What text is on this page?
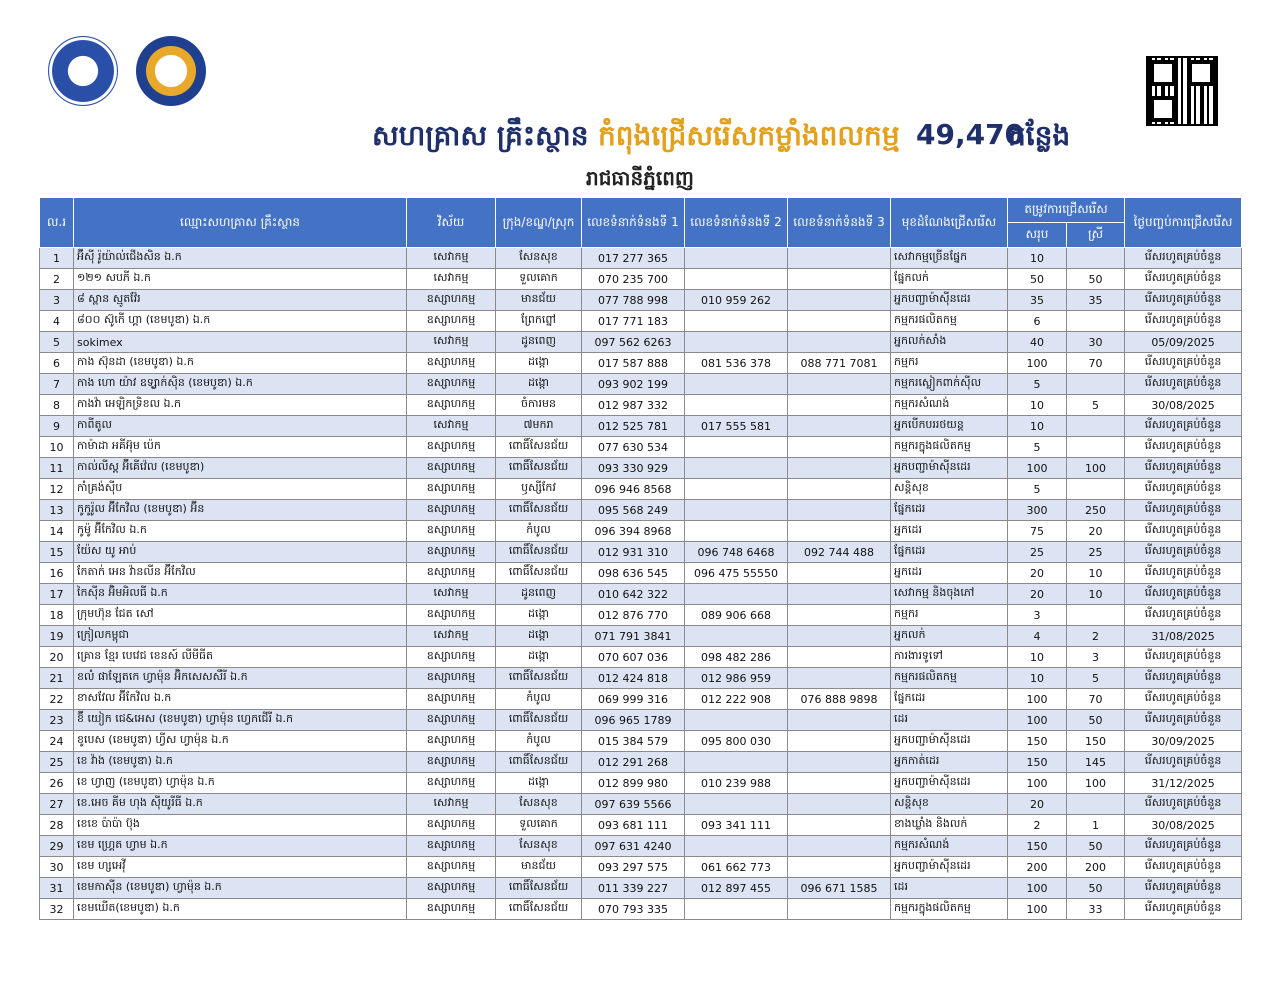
សហគ្រាស គ្រឹះស្ថាន កំពុងជ្រើសរើសកម្លាំងពលកម្ម 49,470
កន្លែង
រាជធានីភ្នំពេញ
ល.រ	ឈ្មោះសហគ្រាស គ្រឹះស្ថាន	វិស័យ	ក្រុង/ខណ្ឌ/ស្រុក	លេខទំនាក់ទំនងទី 1	លេខទំនាក់ទំនងទី 2	លេខទំនាក់ទំនងទី 3	មុខដំណែងជ្រើសរើស	តម្រូវការជ្រើសរើស		ថ្ងៃបញ្ចប់ការជ្រើសរើស
								សរុប	ស្រី	
1	អ៊ីស៊ី រ៉ូយ៉ាល់ជើងសិន ឯ.ក	សេវាកម្ម	សែនសុខ	017 277 365			សេវាកម្មច្រើនផ្នែក	10		រើសរហូតគ្រប់ចំនួន
2	១២១ សបភី ឯ.ក	សេវាកម្ម	ទួលគោក	070 235 700			ផ្នែកលក់	50	50	រើសរហូតគ្រប់ចំនួន
3	៨ ស្ពាន ស្មូតវ៉ែរ	ឧស្សាហកម្ម	មានជ័យ	077 788 998	010 959 262		អ្នកបញ្ជាម៉ាស៊ីនដេរ	35	35	រើសរហូតគ្រប់ចំនួន
4	៨០០ ស៊ូកើ ហ្គា (ខេមបូឌា) ឯ.ក	ឧស្សាហកម្ម	ព្រែកព្នៅ	017 771 183			កម្មករផលិតកម្ម	6		រើសរហូតគ្រប់ចំនួន
5	sokimex	សេវាកម្ម	ដូនពេញ	097 562 6263			អ្នកលក់សាំង	40	30	05/09/2025
6	កាង ស៊ុនដា (ខេមបូឌា) ឯ.ក	ឧស្សាហកម្ម	ដង្កោ	017 587 888	081 536 378	088 771 7081	កម្មករ	100	70	រើសរហូតគ្រប់ចំនួន
7	កាង ហោ យ៉ាវ ឧទ្ស្លាក់ស៊ិន (ខេមបូឌា) ឯ.ក	ឧស្សាហកម្ម	ដង្កោ	093 902 199			កម្មករស្លៀកពាក់ស៊ីល	5		រើសរហូតគ្រប់ចំនួន
8	កាងវ៉ា អេឡិកទ្រិខល ឯ.ក	ឧស្សាហកម្ម	ចំការមន	012 987 332			កម្មករសំណង់	10	5	30/08/2025
9	កាពីតូល	សេវាកម្ម	៧មករា	012 525 781	017 555 581		អ្នកបើកបររថយន្ត	10		រើសរហូតគ្រប់ចំនួន
10	កាម៉ាដា អគីអ៊ុម ប៉េក	ឧស្សាហកម្ម	ពោធិ៍សែនជ័យ	077 630 534			កម្មករក្នុងផលិតកម្ម	5		រើសរហូតគ្រប់ចំនួន
11	កាល់លីស្ត អ៊ីគើវ៉េល (ខេមបូឌា)	ឧស្សាហកម្ម	ពោធិ៍សែនជ័យ	093 330 929			អ្នកបញ្ជាម៉ាស៊ីនដេរ	100	100	រើសរហូតគ្រប់ចំនួន
12	កាំគ្រង់ស៊ីប	ឧស្សាហកម្ម	ឫស្សីកែវ	096 946 8568			សន្តិសុខ	5		រើសរហូតគ្រប់ចំនួន
13	កូកូរ៉ូល អ៊ីកែវិល (ខេមបូឌា) អ៊ីន	ឧស្សាហកម្ម	ពោធិ៍សែនជ័យ	095 568 249			ផ្នែកដេរ	300	250	រើសរហូតគ្រប់ចំនួន
14	កូម៉ូ អ៊ីកែវិល ឯ.ក	ឧស្សាហកម្ម	កំបូល	096 394 8968			អ្នកដេរ	75	20	រើសរហូតគ្រប់ចំនួន
15	យ៉ែស យូ អាប់	ឧស្សាហកម្ម	ពោធិ៍សែនជ័យ	012 931 310	096 748 6468	092 744 488	ផ្នែកដេរ	25	25	រើសរហូតគ្រប់ចំនួន
16	កែតាក់ អេន វ៉ានលីន អ៊ីកែវិល	ឧស្សាហកម្ម	ពោធិ៍សែនជ័យ	098 636 545	096 475 55550		អ្នកដេរ	20	10	រើសរហូតគ្រប់ចំនួន
17	កៃស៊ីន អ៊ិមអិលធី ឯ.ក	សេវាកម្ម	ដូនពេញ	010 642 322			សេវាកម្ម និងចុងភៅ	20	10	រើសរហូតគ្រប់ចំនួន
18	ក្រុមហ៊ុន ជែត សៅ	ឧស្សាហកម្ម	ដង្កោ	012 876 770	089 906 668		កម្មករ	3		រើសរហូតគ្រប់ចំនួន
19	ក្រៀលកម្ពុជា	សេវាកម្ម	ដង្កោ	071 791 3841			អ្នកលក់	4	2	31/08/2025
20	គ្រោន ខ្មែរ បេវេជ ខេនស៍ លីមីធីត	ឧស្សាហកម្ម	ដង្កោ	070 607 036	098 482 286		ការងារទូទៅ	10	3	រើសរហូតគ្រប់ចំនួន
21	ខលំ ផាឡែតកេ ហ្វាម៉ុន អ៊ិកសេសសឺរី ឯ.ក	ឧស្សាហកម្ម	ពោធិ៍សែនជ័យ	012 424 818	012 986 959		កម្មករផលិតកម្ម	10	5	រើសរហូតគ្រប់ចំនួន
22	ខាសវែល អ៊ីកែវិល ឯ.ក	ឧស្សាហកម្ម	កំបូល	069 999 316	012 222 908	076 888 9898	ផ្នែកដេរ	100	70	រើសរហូតគ្រប់ចំនួន
23	ខ៊ី យៀក ជេ&អេស (ខេមបូឌា) ហ្វាម៉ុន ហ្វេកជើរី ឯ.ក	ឧស្សាហកម្ម	ពោធិ៍សែនជ័យ	096 965 1789			ដេរ	100	50	រើសរហូតគ្រប់ចំនួន
24	ខូបេស (ខេមបូឌា) ហ្វីស ហ្វាម៉ុន ឯ.ក	ឧស្សាហកម្ម	កំបូល	015 384 579	095 800 030		អ្នកបញ្ជាម៉ាស៊ីនដេរ	150	150	30/09/2025
25	ខេ វ៉ាង (ខេមបូឌា) ឯ.ក	ឧស្សាហកម្ម	ពោធិ៍សែនជ័យ	012 291 268			អ្នកកាត់ដេរ	150	145	រើសរហូតគ្រប់ចំនួន
26	ខេ ហ្វាញ (ខេមបូឌា) ហ្វាម៉ុន ឯ.ក	ឧស្សាហកម្ម	ដង្កោ	012 899 980	010 239 988		អ្នកបញ្ជាម៉ាស៊ីនដេរ	100	100	31/12/2025
27	ខេ.អេច គីម ហុង ស៊ីយូរីធី ឯ.ក	សេវាកម្ម	សែនសុខ	097 639 5566			សន្តិសុខ	20		រើសរហូតគ្រប់ចំនួន
28	ខេខេ ប៉ាប៉ា ប៊ុង	ឧស្សាហកម្ម	ទួលគោក	093 681 111	093 341 111		ខាងឃ្លាំង និងលក់	2	1	30/08/2025
29	ខេម ហ្គ្រេត ហ្វាម ឯ.ក	ឧស្សាហកម្ម	សែនសុខ	097 631 4240			កម្មករសំណង់	150	50	រើសរហូតគ្រប់ចំនួន
30	ខេម ហ្សអេវ៉ី	ឧស្សាហកម្ម	មានជ័យ	093 297 575	061 662 773		អ្នកបញ្ជាម៉ាស៊ីនដេរ	200	200	រើសរហូតគ្រប់ចំនួន
31	ខេមកាស៊ីន (ខេមបូឌា) ហ្វាម៉ុន ឯ.ក	ឧស្សាហកម្ម	ពោធិ៍សែនជ័យ	011 339 227	012 897 455	096 671 1585	ដេរ	100	50	រើសរហូតគ្រប់ចំនួន
32	ខេមឃើត(ខេមបូឌា) ឯ.ក	ឧស្សាហកម្ម	ពោធិ៍សែនជ័យ	070 793 335			កម្មករក្នុងផលិតកម្ម	100	33	រើសរហូតគ្រប់ចំនួន
